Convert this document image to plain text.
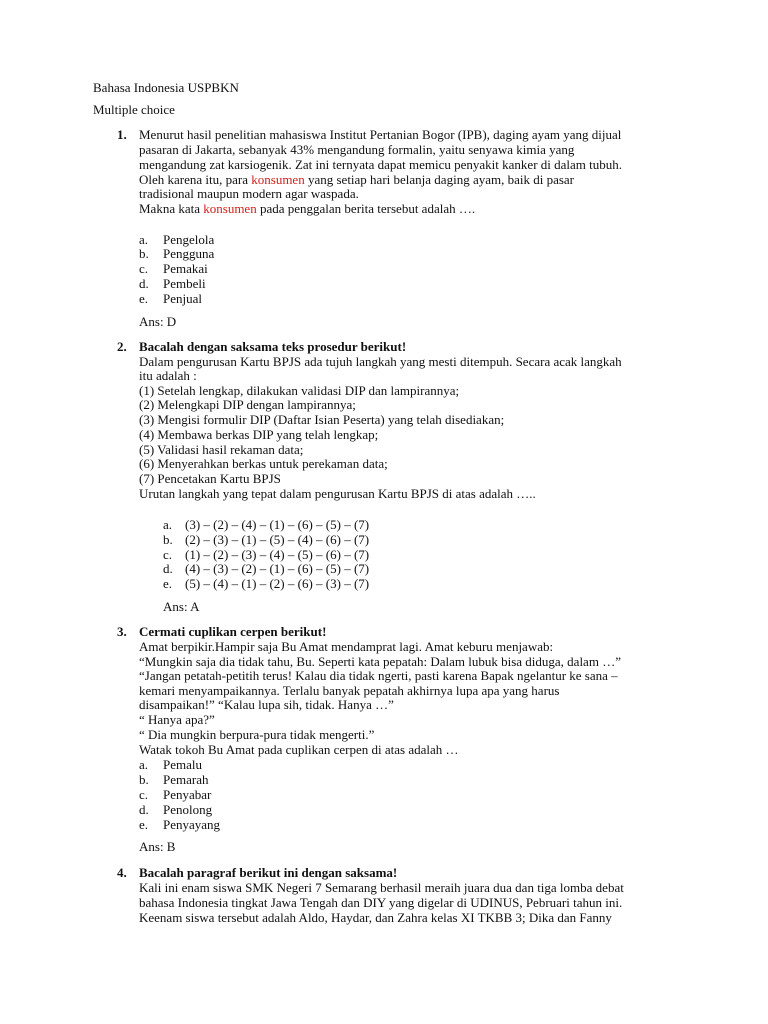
Bahasa Indonesia USPBKN
Multiple choice
1. Menurut hasil penelitian mahasiswa Institut Pertanian Bogor (IPB), daging ayam yang dijual
pasaran di Jakarta, sebanyak 43% mengandung formalin, yaitu senyawa kimia yang
mengandung zat karsiogenik. Zat ini ternyata dapat memicu penyakit kanker di dalam tubuh.
Oleh karena itu, para konsumen yang setiap hari belanja daging ayam, baik di pasar
tradisional maupun modern agar waspada.
Makna kata konsumen pada penggalan berita tersebut adalah ….
a. Pengelola
b. Pengguna
c. Pemakai
d. Pembeli
e. Penjual
Ans: D
2. Bacalah dengan saksama teks prosedur berikut!
Dalam pengurusan Kartu BPJS ada tujuh langkah yang mesti ditempuh. Secara acak langkah
itu adalah :
(1) Setelah lengkap, dilakukan validasi DIP dan lampirannya;
(2) Melengkapi DIP dengan lampirannya;
(3) Mengisi formulir DIP (Daftar Isian Peserta) yang telah disediakan;
(4) Membawa berkas DIP yang telah lengkap;
(5) Validasi hasil rekaman data;
(6) Menyerahkan berkas untuk perekaman data;
(7) Pencetakan Kartu BPJS
Urutan langkah yang tepat dalam pengurusan Kartu BPJS di atas adalah …..
a. (3) – (2) – (4) – (1) – (6) – (5) – (7)
b. (2) – (3) – (1) – (5) – (4) – (6) – (7)
c. (1) – (2) – (3) – (4) – (5) – (6) – (7)
d. (4) – (3) – (2) – (1) – (6) – (5) – (7)
e. (5) – (4) – (1) – (2) – (6) – (3) – (7)
Ans: A
3. Cermati cuplikan cerpen berikut!
Amat berpikir.Hampir saja Bu Amat mendamprat lagi. Amat keburu menjawab:
“Mungkin saja dia tidak tahu, Bu. Seperti kata pepatah: Dalam lubuk bisa diduga, dalam …”
“Jangan petatah-petitih terus! Kalau dia tidak ngerti, pasti karena Bapak ngelantur ke sana –
kemari menyampaikannya. Terlalu banyak pepatah akhirnya lupa apa yang harus
disampaikan!” “Kalau lupa sih, tidak. Hanya …”
“ Hanya apa?”
“ Dia mungkin berpura-pura tidak mengerti.”
Watak tokoh Bu Amat pada cuplikan cerpen di atas adalah …
a. Pemalu
b. Pemarah
c. Penyabar
d. Penolong
e. Penyayang
Ans: B
4. Bacalah paragraf berikut ini dengan saksama!
Kali ini enam siswa SMK Negeri 7 Semarang berhasil meraih juara dua dan tiga lomba debat
bahasa Indonesia tingkat Jawa Tengah dan DIY yang digelar di UDINUS, Pebruari tahun ini.
Keenam siswa tersebut adalah Aldo, Haydar, dan Zahra kelas XI TKBB 3; Dika dan Fanny
